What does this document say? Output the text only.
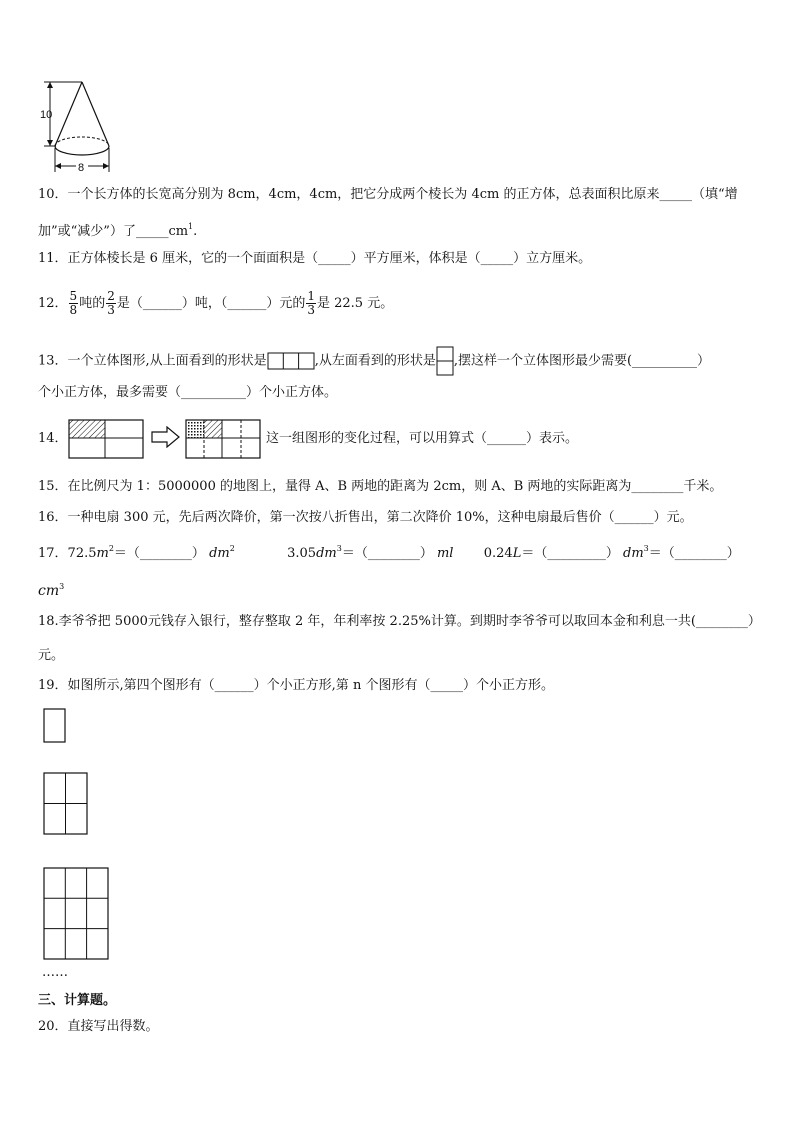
10
8
10．一个长方体的长宽高分别为 8cm，4cm，4cm，把它分成两个棱长为 4cm 的正方体，总表面积比原来_____（填“增
加”或“减少”）了$\_\_\_\_\_cm^1$.
11．正方体棱长是 6 厘米，它的一个面面积是（_____）平方厘米，体积是（_____）立方厘米。
12． $\frac{5}{8}$ 吨的 $\frac{2}{3}$ 是（______）吨，（______）元的 $\frac{1}{3}$ 是 22.5 元。
13．一个立体图形,从上面看到的形状是	,从左面看到的形状是 ,摆这样一个立体图形最少需要(__________）
个小正方体，最多需要（__________）个小正方体。
14．	这一组图形的变化过程，可以用算式（______）表示。
15．在比例尺为 1：5000000 的地图上，量得 A、B 两地的距离为 2cm，则 A、B 两地的实际距离为________千米。
16．一种电扇 300 元，先后两次降价，第一次按八折售出，第二次降价 10%，这种电扇最后售价（______）元。
17．$72.5m^2=(\_\_\_\_\_\_\_\_)$ $dm^2$	$3.05dm^3=(\_\_\_\_\_\_\_\_)$ ml 0.24L＝（_________） $dm^3=(\_\_\_\_\_\_\_\_)$
$cm^3$
18.李爷爷把 5000元钱存入银行，整存整取 2 年，年利率按 2.25%计算。到期时李爷爷可以取回本金和利息一共(________）
元。
19．如图所示,第四个图形有（______）个小正方形,第 n 个图形有（_____）个小正方形。
……
三、计算题。
20．直接写出得数。
